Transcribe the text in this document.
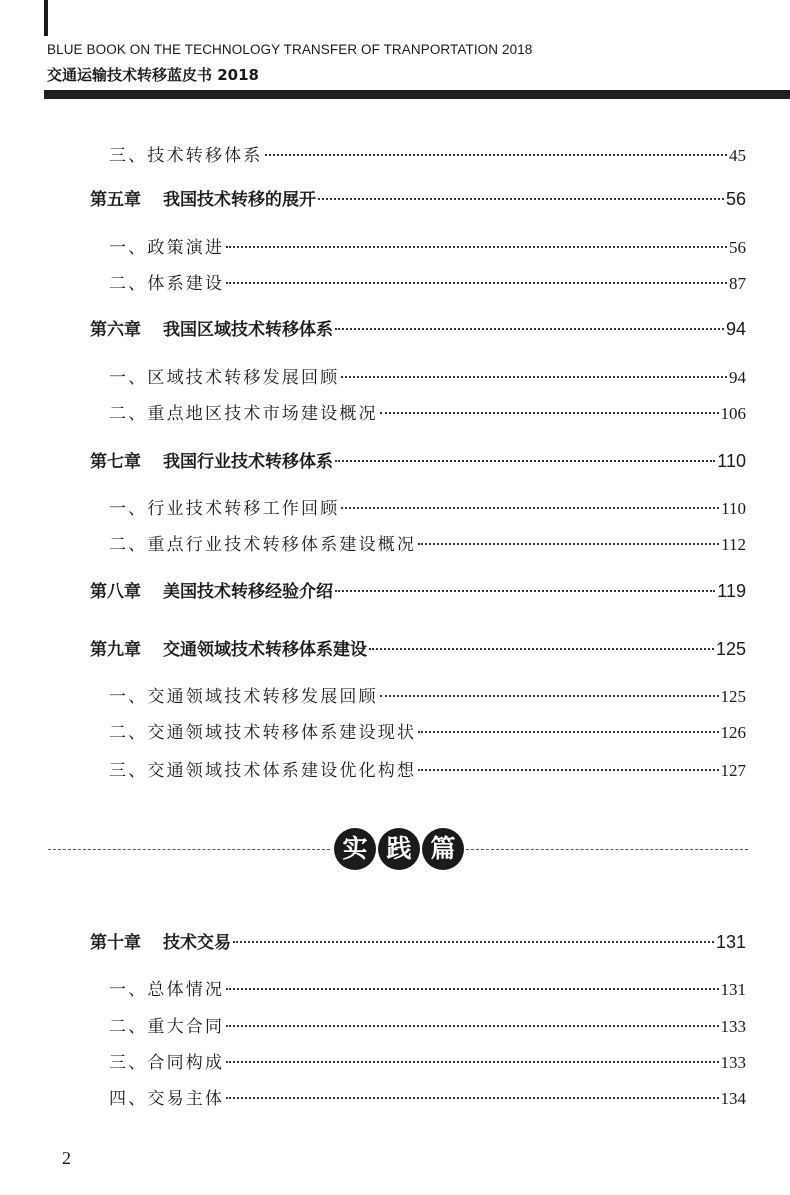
BLUE BOOK ON THE TECHNOLOGY TRANSFER OF TRANPORTATION 2018
交通运输技术转移蓝皮书 2018
三、技术转移体系	45
第五章 我国技术转移的展开	56
一、政策演进	56
二、体系建设	87
第六章 我国区域技术转移体系	94
一、区域技术转移发展回顾	94
二、重点地区技术市场建设概况	106
第七章 我国行业技术转移体系	110
一、行业技术转移工作回顾	110
二、重点行业技术转移体系建设概况	112
第八章 美国技术转移经验介绍	119
第九章 交通领域技术转移体系建设	125
一、交通领域技术转移发展回顾	125
二、交通领域技术转移体系建设现状	126
三、交通领域技术体系建设优化构想	127
实 践 篇
第十章 技术交易	131
一、总体情况	131
二、重大合同	133
三、合同构成	133
四、交易主体	134
2
